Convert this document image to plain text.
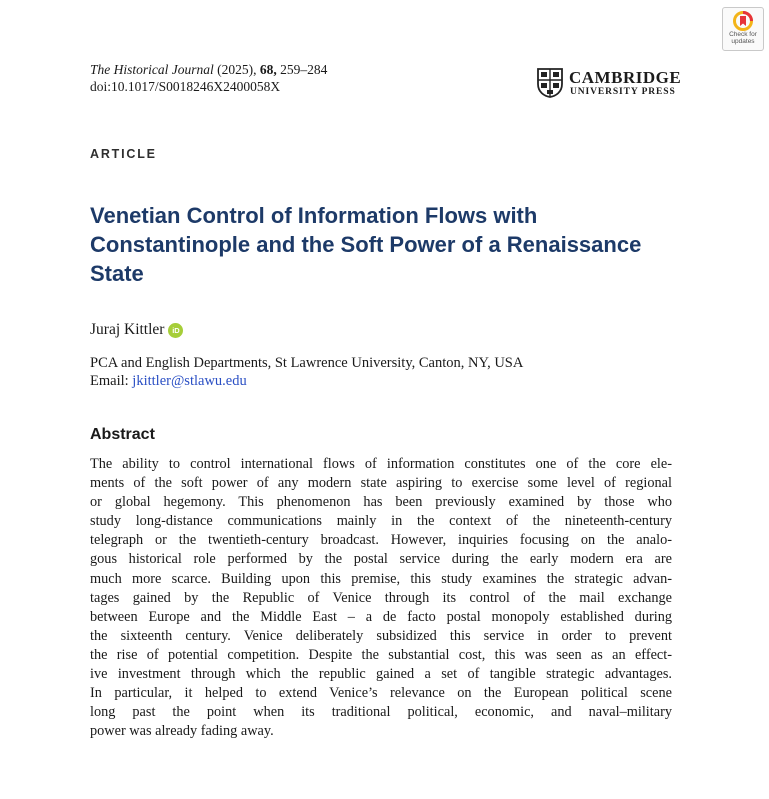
Check for
updates
The Historical Journal (2025), 68, 259–284
doi:10.1017/S0018246X2400058X	CAMBRIDGE
UNIVERSITY PRESS
ARTICLE
Venetian Control of Information Flows with Constantinople and the Soft Power of a Renaissance State
Juraj Kittler	iD
PCA and English Departments, St Lawrence University, Canton, NY, USA
Email: jkittler@stlawu.edu
Abstract
The ability to control international flows of information constitutes one of the core ele-
ments of the soft power of any modern state aspiring to exercise some level of regional
or global hegemony. This phenomenon has been previously examined by those who
study long-distance communications mainly in the context of the nineteenth-century
telegraph or the twentieth-century broadcast. However, inquiries focusing on the analo-
gous historical role performed by the postal service during the early modern era are
much more scarce. Building upon this premise, this study examines the strategic advan-
tages gained by the Republic of Venice through its control of the mail exchange
between Europe and the Middle East – a de facto postal monopoly established during
the sixteenth century. Venice deliberately subsidized this service in order to prevent
the rise of potential competition. Despite the substantial cost, this was seen as an effect-
ive investment through which the republic gained a set of tangible strategic advantages.
In particular, it helped to extend Venice’s relevance on the European political scene
long past the point when its traditional political, economic, and naval–military
power was already fading away.
